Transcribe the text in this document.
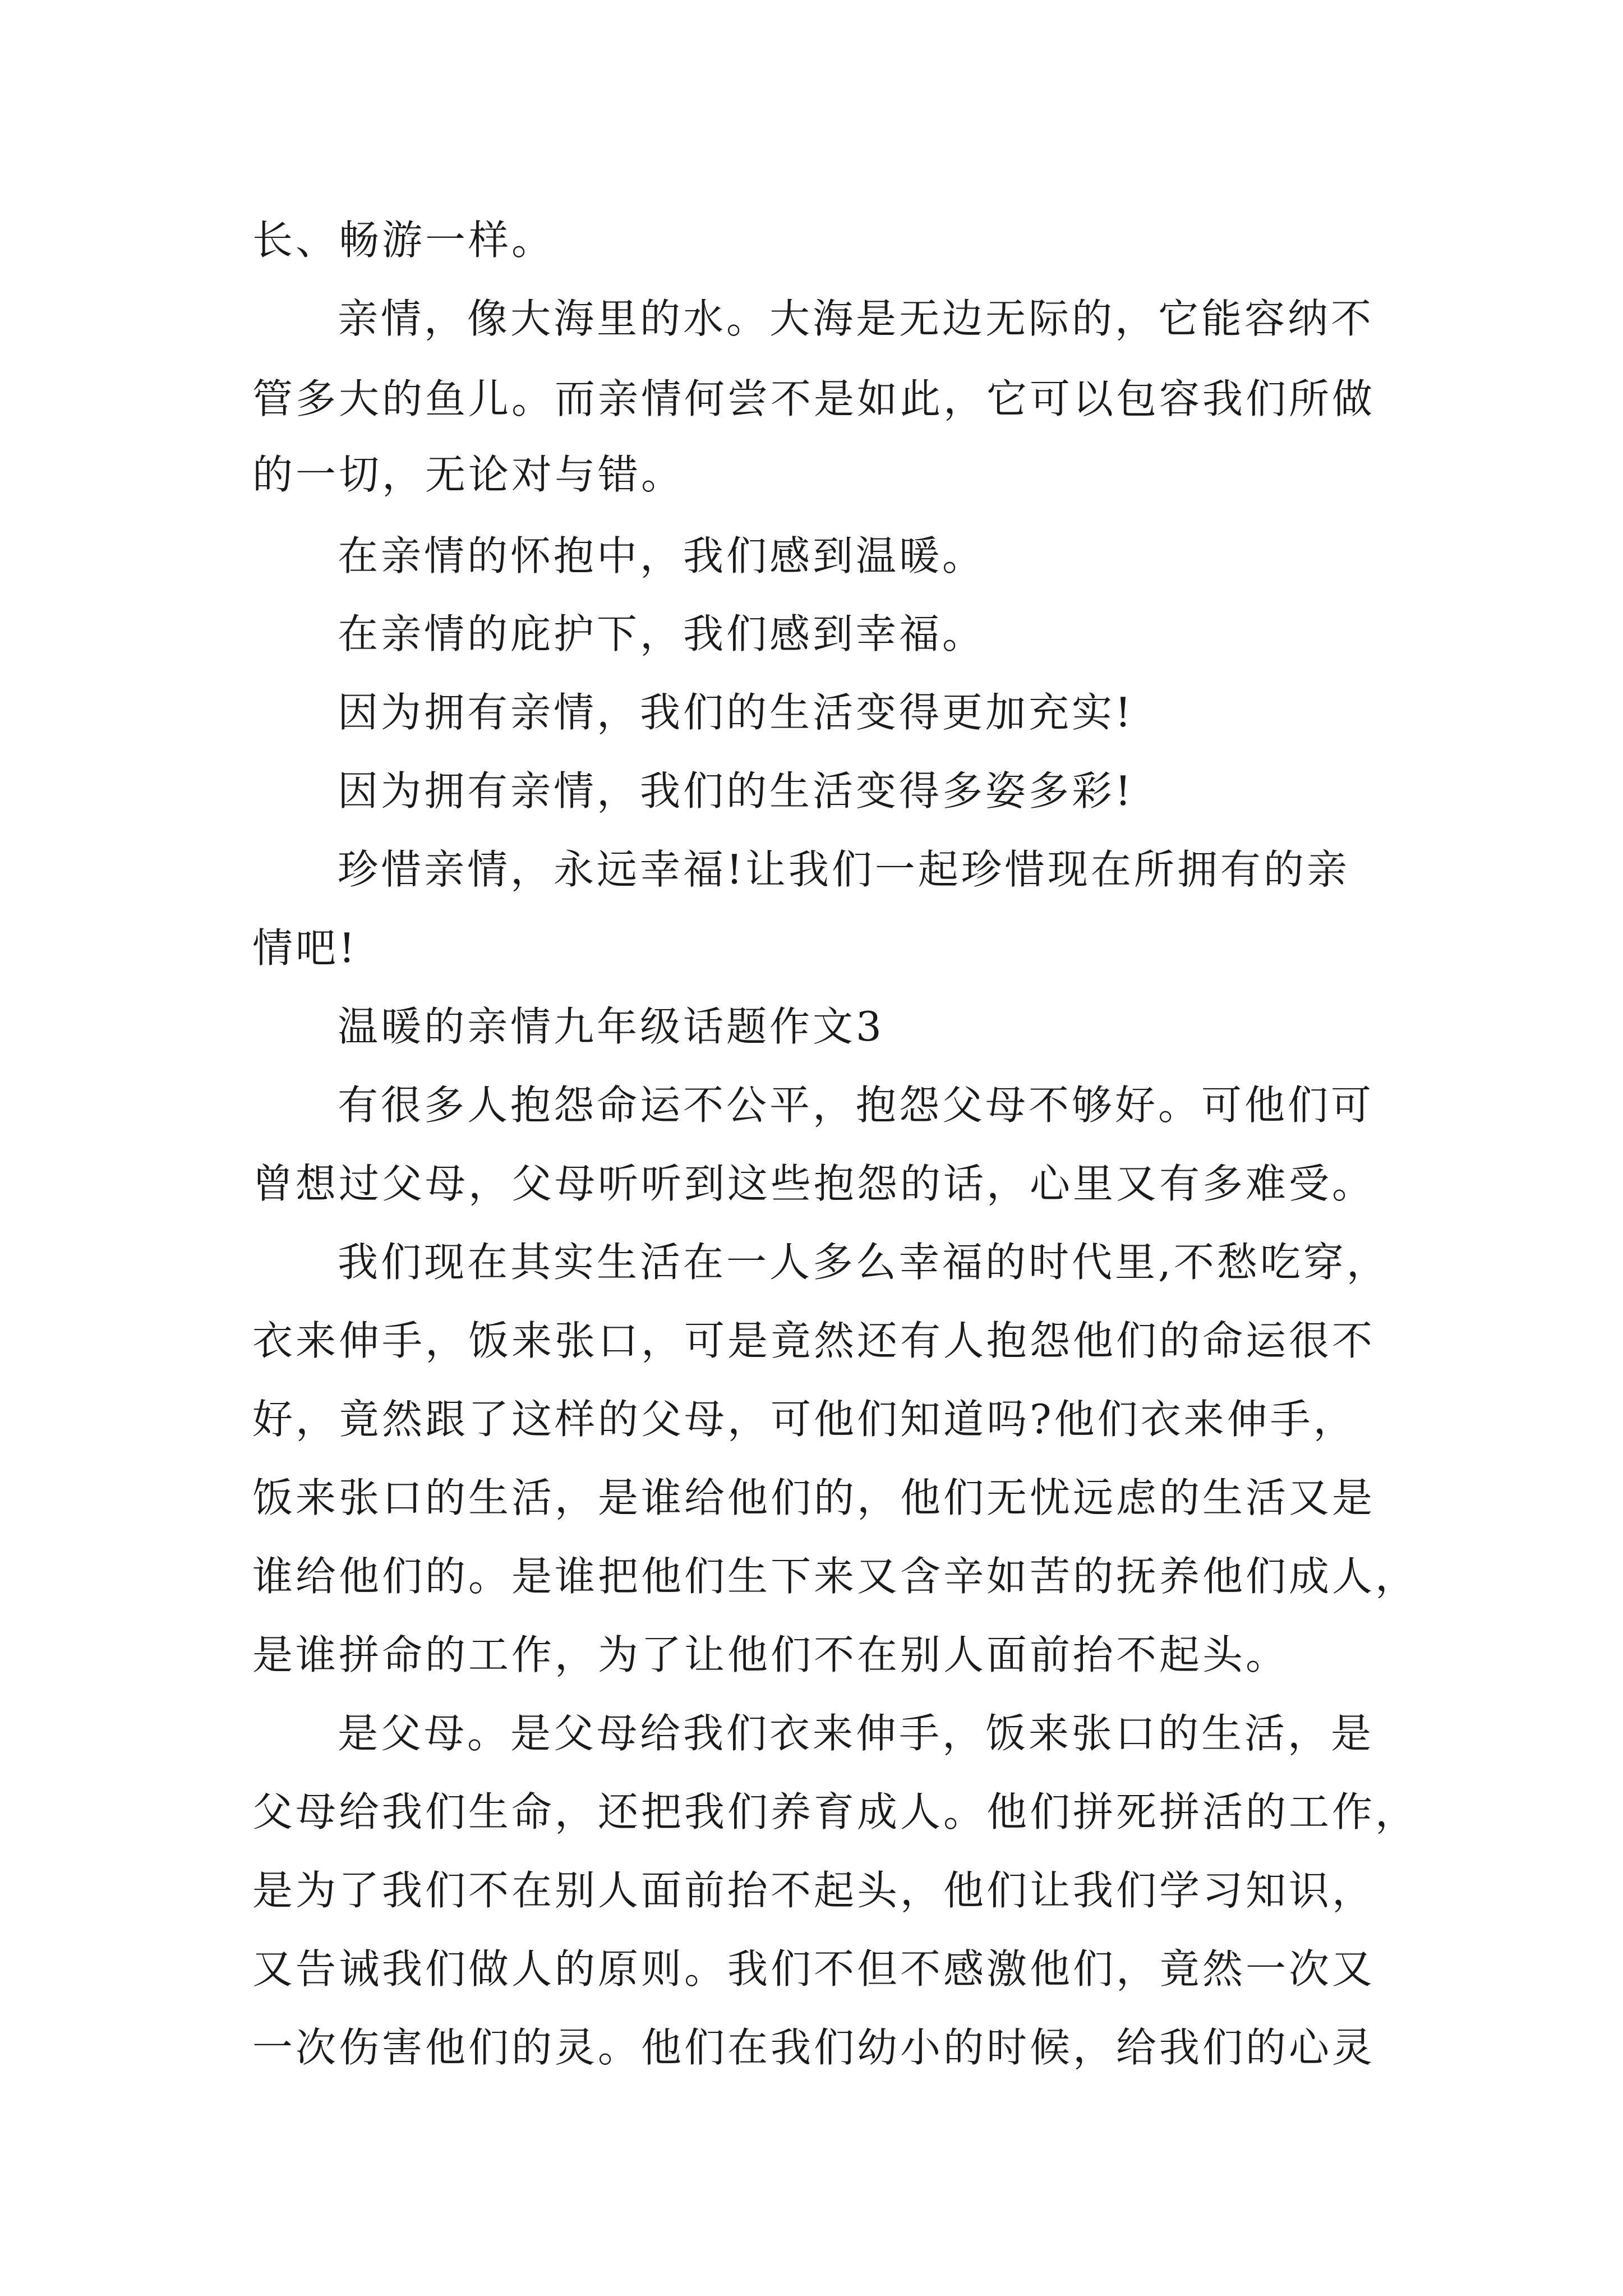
长、畅游一样。
亲情，像大海里的水。大海是无边无际的，它能容纳不
管多大的鱼儿。而亲情何尝不是如此，它可以包容我们所做
的一切，无论对与错。
在亲情的怀抱中，我们感到温暖。
在亲情的庇护下，我们感到幸福。
因为拥有亲情，我们的生活变得更加充实!
因为拥有亲情，我们的生活变得多姿多彩!
珍惜亲情，永远幸福!让我们一起珍惜现在所拥有的亲
情吧!
温暖的亲情九年级话题作文3
有很多人抱怨命运不公平，抱怨父母不够好。可他们可
曾想过父母，父母听听到这些抱怨的话，心里又有多难受。
我们现在其实生活在一人多么幸福的时代里,不愁吃穿，
衣来伸手，饭来张口，可是竟然还有人抱怨他们的命运很不
好，竟然跟了这样的父母，可他们知道吗?他们衣来伸手，
饭来张口的生活，是谁给他们的，他们无忧远虑的生活又是
谁给他们的。是谁把他们生下来又含辛如苦的抚养他们成人，
是谁拼命的工作，为了让他们不在别人面前抬不起头。
是父母。是父母给我们衣来伸手，饭来张口的生活，是
父母给我们生命，还把我们养育成人。他们拼死拼活的工作，
是为了我们不在别人面前抬不起头，他们让我们学习知识，
又告诫我们做人的原则。我们不但不感激他们，竟然一次又
一次伤害他们的灵。他们在我们幼小的时候，给我们的心灵
